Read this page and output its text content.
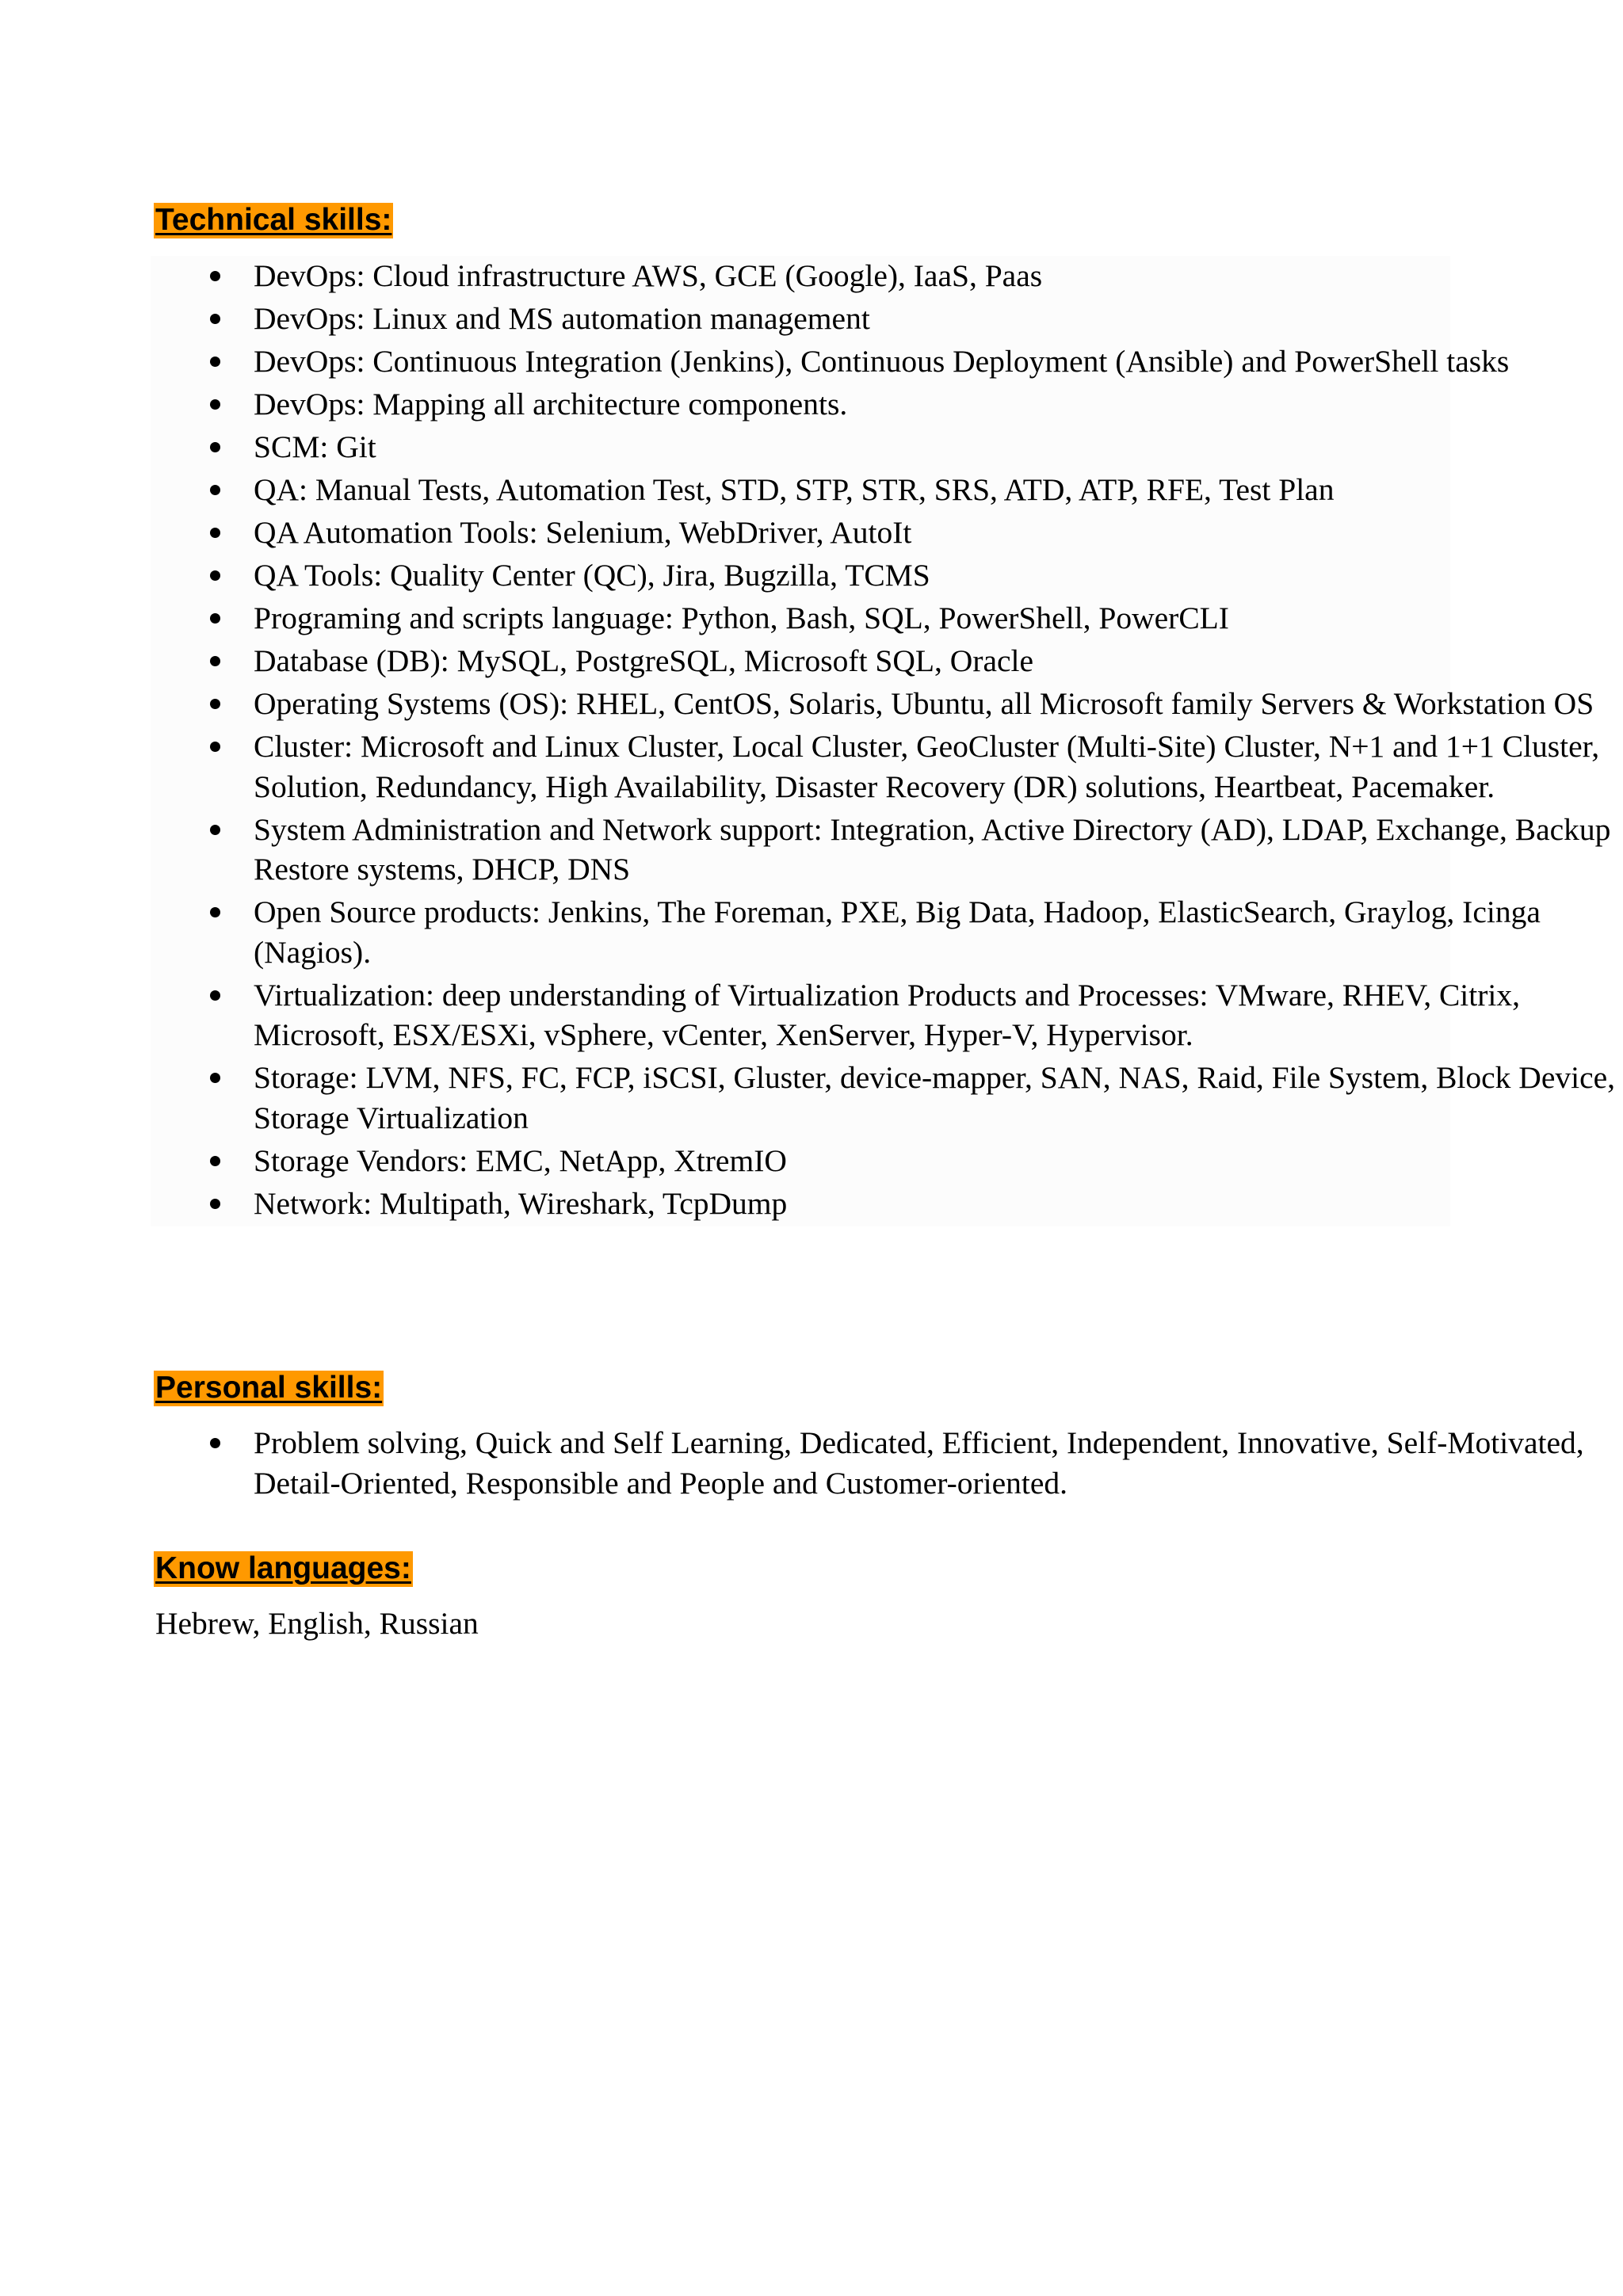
Technical skills:
DevOps: Cloud infrastructure AWS, GCE (Google), IaaS, Paas
DevOps: Linux and MS automation management
DevOps: Continuous Integration (Jenkins), Continuous Deployment (Ansible) and PowerShell tasks
DevOps: Mapping all architecture components.
SCM: Git
QA: Manual Tests, Automation Test, STD, STP, STR, SRS, ATD, ATP, RFE, Test Plan
QA Automation Tools: Selenium, WebDriver, AutoIt
QA Tools: Quality Center (QC), Jira, Bugzilla, TCMS
Programing and scripts language: Python, Bash, SQL, PowerShell, PowerCLI
Database (DB): MySQL, PostgreSQL, Microsoft SQL, Oracle
Operating Systems (OS): RHEL, CentOS, Solaris, Ubuntu, all Microsoft family Servers & Workstation OS
Cluster: Microsoft and Linux Cluster, Local Cluster, GeoCluster (Multi-Site) Cluster, N+1 and 1+1 Cluster, Solution, Redundancy, High Availability, Disaster Recovery (DR) solutions, Heartbeat, Pacemaker.
System Administration and Network support: Integration, Active Directory (AD), LDAP, Exchange, Backup Restore systems, DHCP, DNS
Open Source products: Jenkins, The Foreman, PXE, Big Data, Hadoop, ElasticSearch, Graylog, Icinga (Nagios).
Virtualization: deep understanding of Virtualization Products and Processes: VMware, RHEV, Citrix, Microsoft, ESX/ESXi, vSphere, vCenter, XenServer, Hyper-V, Hypervisor.
Storage: LVM, NFS, FC, FCP, iSCSI, Gluster, device-mapper, SAN, NAS, Raid, File System, Block Device, Storage Virtualization
Storage Vendors: EMC, NetApp, XtremIO
Network: Multipath, Wireshark, TcpDump
Personal skills:
Problem solving, Quick and Self Learning, Dedicated, Efficient, Independent, Innovative, Self-Motivated, Detail-Oriented, Responsible and People and Customer-oriented.
Know languages:

Hebrew, English, Russian
